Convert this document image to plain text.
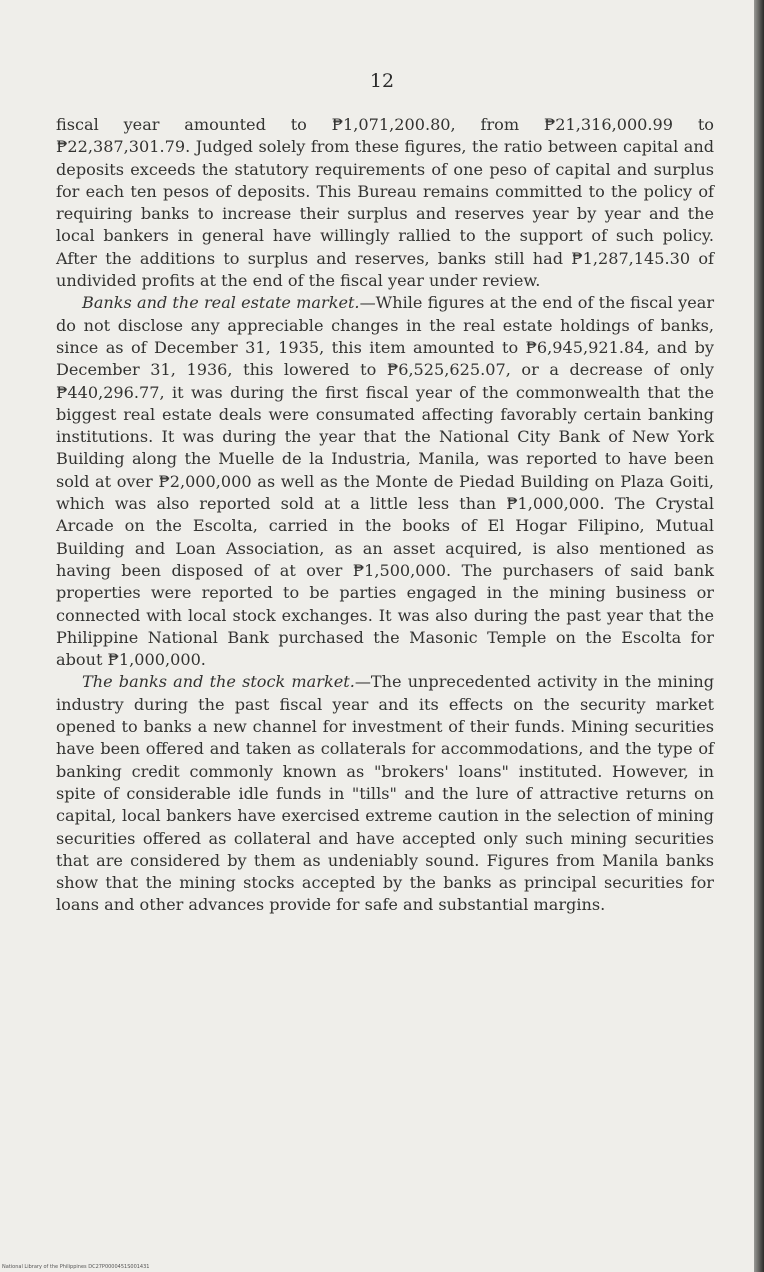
12

fiscal year amounted to ₱1,071,200.80, from ₱21,316,000.99 to ₱22,387,301.79. Judged solely from these figures, the ratio between capital and deposits exceeds the statutory requirements of one peso of capital and surplus for each ten pesos of deposits. This Bureau remains committed to the policy of requiring banks to increase their surplus and reserves year by year and the local bankers in general have willingly rallied to the support of such policy. After the additions to surplus and reserves, banks still had ₱1,287,145.30 of undivided profits at the end of the fiscal year under review.

Banks and the real estate market.—While figures at the end of the fiscal year do not disclose any appreciable changes in the real estate holdings of banks, since as of December 31, 1935, this item amounted to ₱6,945,921.84, and by December 31, 1936, this lowered to ₱6,525,625.07, or a decrease of only ₱440,296.77, it was during the first fiscal year of the commonwealth that the biggest real estate deals were consumated affecting favorably certain banking institutions. It was during the year that the National City Bank of New York Building along the Muelle de la Industria, Manila, was reported to have been sold at over ₱2,000,000 as well as the Monte de Piedad Building on Plaza Goiti, which was also reported sold at a little less than ₱1,000,000. The Crystal Arcade on the Escolta, carried in the books of El Hogar Filipino, Mutual Building and Loan Association, as an asset acquired, is also mentioned as having been disposed of at over ₱1,500,000. The purchasers of said bank properties were reported to be parties engaged in the mining business or connected with local stock exchanges. It was also during the past year that the Philippine National Bank purchased the Masonic Temple on the Escolta for about ₱1,000,000.

The banks and the stock market.—The unprecedented activity in the mining industry during the past fiscal year and its effects on the security market opened to banks a new channel for investment of their funds. Mining securities have been offered and taken as collaterals for accommodations, and the type of banking credit commonly known as "brokers' loans" instituted. However, in spite of considerable idle funds in "tills" and the lure of attractive returns on capital, local bankers have exercised extreme caution in the selection of mining securities offered as collateral and have accepted only such mining securities that are considered by them as undeniably sound. Figures from Manila banks show that the mining stocks accepted by the banks as principal securities for loans and other advances provide for safe and substantial margins.

National Library of the Philippines DC27P0000451S001431
